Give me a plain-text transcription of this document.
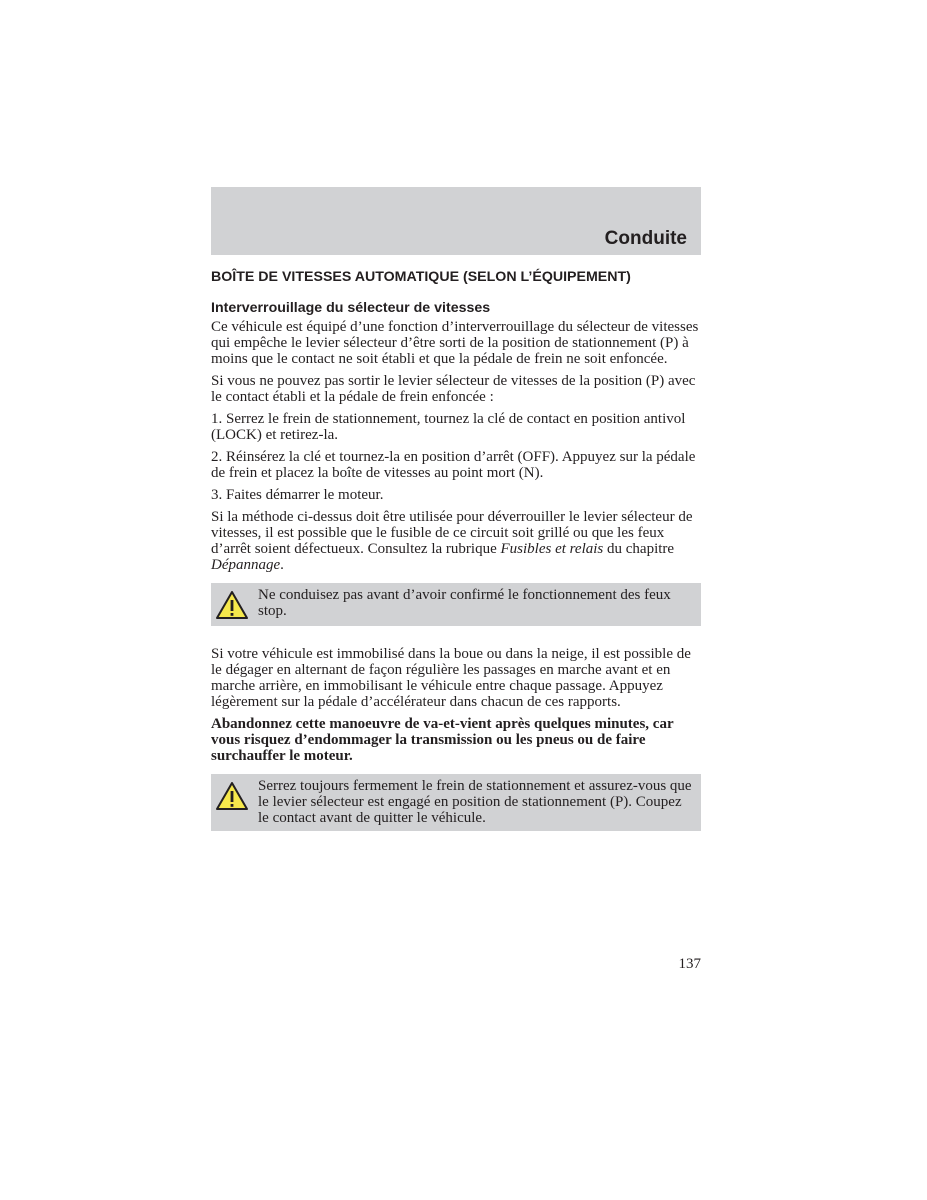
Conduite
BOÎTE DE VITESSES AUTOMATIQUE (SELON L’ÉQUIPEMENT)
Interverrouillage du sélecteur de vitesses

Ce véhicule est équipé d’une fonction d’interverrouillage du sélecteur de vitesses qui empêche le levier sélecteur d’être sorti de la position de stationnement (P) à moins que le contact ne soit établi et que la pédale de frein ne soit enfoncée.

Si vous ne pouvez pas sortir le levier sélecteur de vitesses de la position (P) avec le contact établi et la pédale de frein enfoncée :

1. Serrez le frein de stationnement, tournez la clé de contact en position antivol (LOCK) et retirez-la.

2. Réinsérez la clé et tournez-la en position d’arrêt (OFF). Appuyez sur la pédale de frein et placez la boîte de vitesses au point mort (N).

3. Faites démarrer le moteur.

Si la méthode ci-dessus doit être utilisée pour déverrouiller le levier sélecteur de vitesses, il est possible que le fusible de ce circuit soit grillé ou que les feux d’arrêt soient défectueux. Consultez la rubrique Fusibles et relais du chapitre Dépannage.

Ne conduisez pas avant d’avoir confirmé le fonctionnement des feux stop.

Si votre véhicule est immobilisé dans la boue ou dans la neige, il est possible de le dégager en alternant de façon régulière les passages en marche avant et en marche arrière, en immobilisant le véhicule entre chaque passage. Appuyez légèrement sur la pédale d’accélérateur dans chacun de ces rapports.

Abandonnez cette manoeuvre de va-et-vient après quelques minutes, car vous risquez d’endommager la transmission ou les pneus ou de faire surchauffer le moteur.

Serrez toujours fermement le frein de stationnement et assurez-vous que le levier sélecteur est engagé en position de stationnement (P). Coupez le contact avant de quitter le véhicule.
137
